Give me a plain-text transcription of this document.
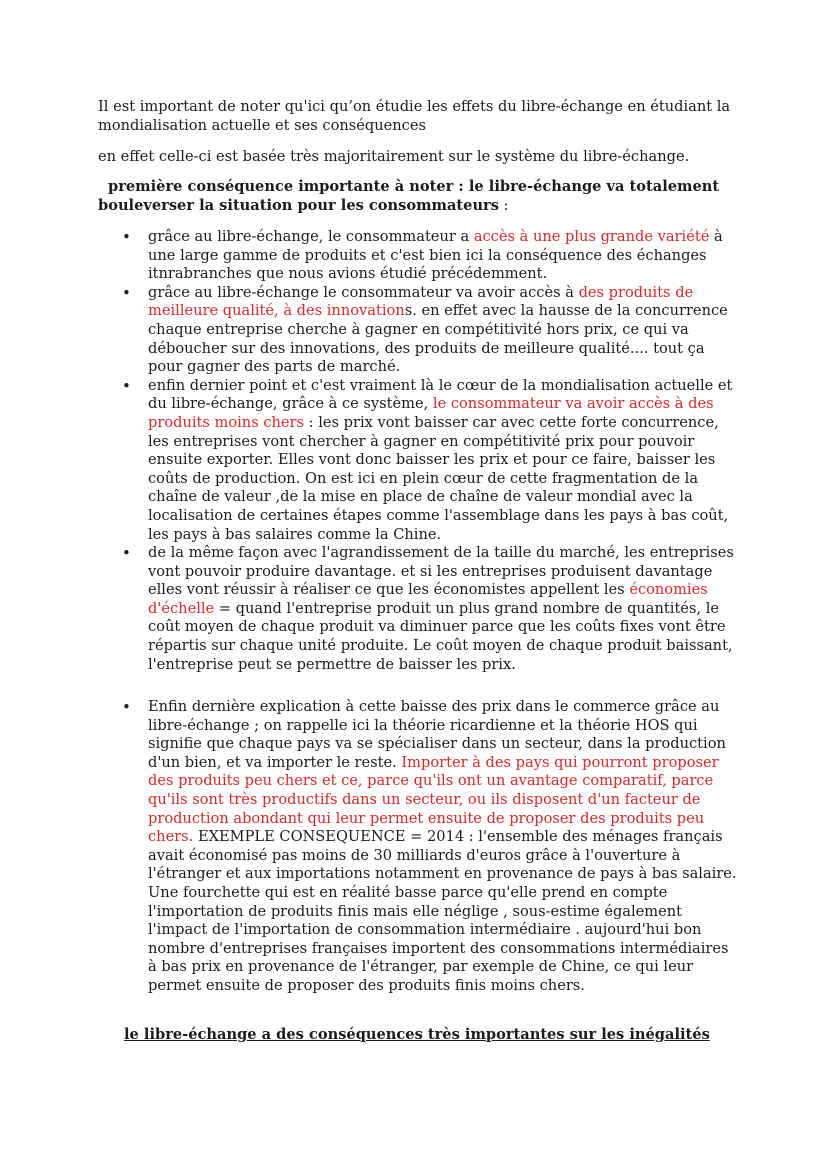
Il est important de noter qu'ici qu’on étudie les effets du libre-échange en étudiant la mondialisation actuelle et ses conséquences

en effet celle-ci est basée très majoritairement sur le système du libre-échange.

première conséquence importante à noter : le libre-échange va totalement bouleverser la situation pour les consommateurs :

• grâce au libre-échange, le consommateur a accès à une plus grande variété à une large gamme de produits et c'est bien ici la conséquence des échanges itnrabranches que nous avions étudié précédemment.
• grâce au libre-échange le consommateur va avoir accès à des produits de meilleure qualité, à des innovations. en effet avec la hausse de la concurrence chaque entreprise cherche à gagner en compétitivité hors prix, ce qui va déboucher sur des innovations, des produits de meilleure qualité.... tout ça pour gagner des parts de marché.
• enfin dernier point et c'est vraiment là le cœur de la mondialisation actuelle et du libre-échange, grâce à ce système, le consommateur va avoir accès à des produits moins chers : les prix vont baisser car avec cette forte concurrence, les entreprises vont chercher à gagner en compétitivité prix pour pouvoir ensuite exporter. Elles vont donc baisser les prix et pour ce faire, baisser les coûts de production. On est ici en plein cœur de cette fragmentation de la chaîne de valeur ,de la mise en place de chaîne de valeur mondial avec la localisation de certaines étapes comme l'assemblage dans les pays à bas coût, les pays à bas salaires comme la Chine.
• de la même façon avec l'agrandissement de la taille du marché, les entreprises vont pouvoir produire davantage. et si les entreprises produisent davantage elles vont réussir à réaliser ce que les économistes appellent les économies d'échelle = quand l'entreprise produit un plus grand nombre de quantités, le coût moyen de chaque produit va diminuer parce que les coûts fixes vont être répartis sur chaque unité produite. Le coût moyen de chaque produit baissant, l'entreprise peut se permettre de baisser les prix.
• Enfin dernière explication à cette baisse des prix dans le commerce grâce au libre-échange ; on rappelle ici la théorie ricardienne et la théorie HOS qui signifie que chaque pays va se spécialiser dans un secteur, dans la production d'un bien, et va importer le reste. Importer à des pays qui pourront proposer des produits peu chers et ce, parce qu'ils ont un avantage comparatif, parce qu'ils sont très productifs dans un secteur, ou ils disposent d'un facteur de production abondant qui leur permet ensuite de proposer des produits peu chers. EXEMPLE CONSEQUENCE = 2014 : l'ensemble des ménages français avait économisé pas moins de 30 milliards d'euros grâce à l'ouverture à l'étranger et aux importations notamment en provenance de pays à bas salaire. Une fourchette qui est en réalité basse parce qu'elle prend en compte l'importation de produits finis mais elle néglige , sous-estime également l'impact de l'importation de consommation intermédiaire . aujourd'hui bon nombre d'entreprises françaises importent des consommations intermédiaires à bas prix en provenance de l'étranger, par exemple de Chine, ce qui leur permet ensuite de proposer des produits finis moins chers.

le libre-échange a des conséquences très importantes sur les inégalités
